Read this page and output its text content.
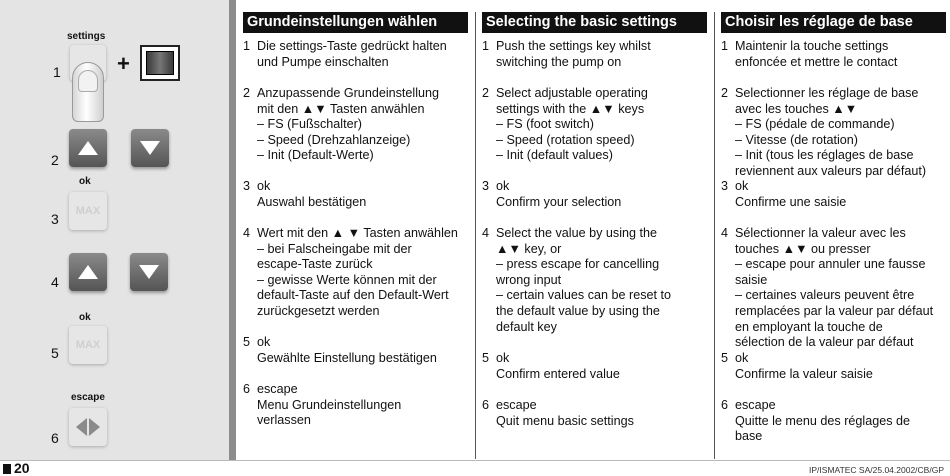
settings
+
1
2
ok
MAX
3
4
ok
MAX
5
escape
6
Grundeinstellungen wählen
1 Die settings-Taste gedrückt halten
und Pumpe einschalten
2 Anzupassende Grundeinstellung
mit den ▲▼ Tasten anwählen
– FS (Fußschalter)
– Speed (Drehzahlanzeige)
– Init (Default-Werte)
3 ok
Auswahl bestätigen
4 Wert mit den ▲ ▼ Tasten anwählen
– bei Falscheingabe mit der
escape-Taste zurück
– gewisse Werte können mit der
default-Taste auf den Default-Wert
zurückgesetzt werden
5 ok
Gewählte Einstellung bestätigen
6 escape
Menu Grundeinstellungen
verlassen
Selecting the basic settings
1 Push the settings key whilst
switching the pump on
2 Select adjustable operating
settings with the ▲▼ keys
– FS (foot switch)
– Speed (rotation speed)
– Init (default values)
3 ok
Confirm your selection
4 Select the value by using the
▲▼ key, or
– press escape for cancelling
wrong input
– certain values can be reset to
the default value by using the
default key
5 ok
Confirm entered value
6 escape
Quit menu basic settings
Choisir les réglage de base
1 Maintenir la touche settings
enfoncée et mettre le contact
2 Selectionner les réglage de base
avec les touches ▲▼
– FS (pédale de commande)
– Vitesse (de rotation)
– Init (tous les réglages de base
reviennent aux valeurs par défaut)
3 ok
Confirme une saisie
4 Sélectionner la valeur avec les
touches ▲▼ ou presser
– escape pour annuler une fausse
saisie
– certaines valeurs peuvent être
remplacées par la valeur par défaut
en employant la touche de
sélection de la valeur par défaut
5 ok
Confirme la valeur saisie
6 escape
Quitte le menu des réglages de
base
20	IP/ISMATEC SA/25.04.2002/CB/GP
